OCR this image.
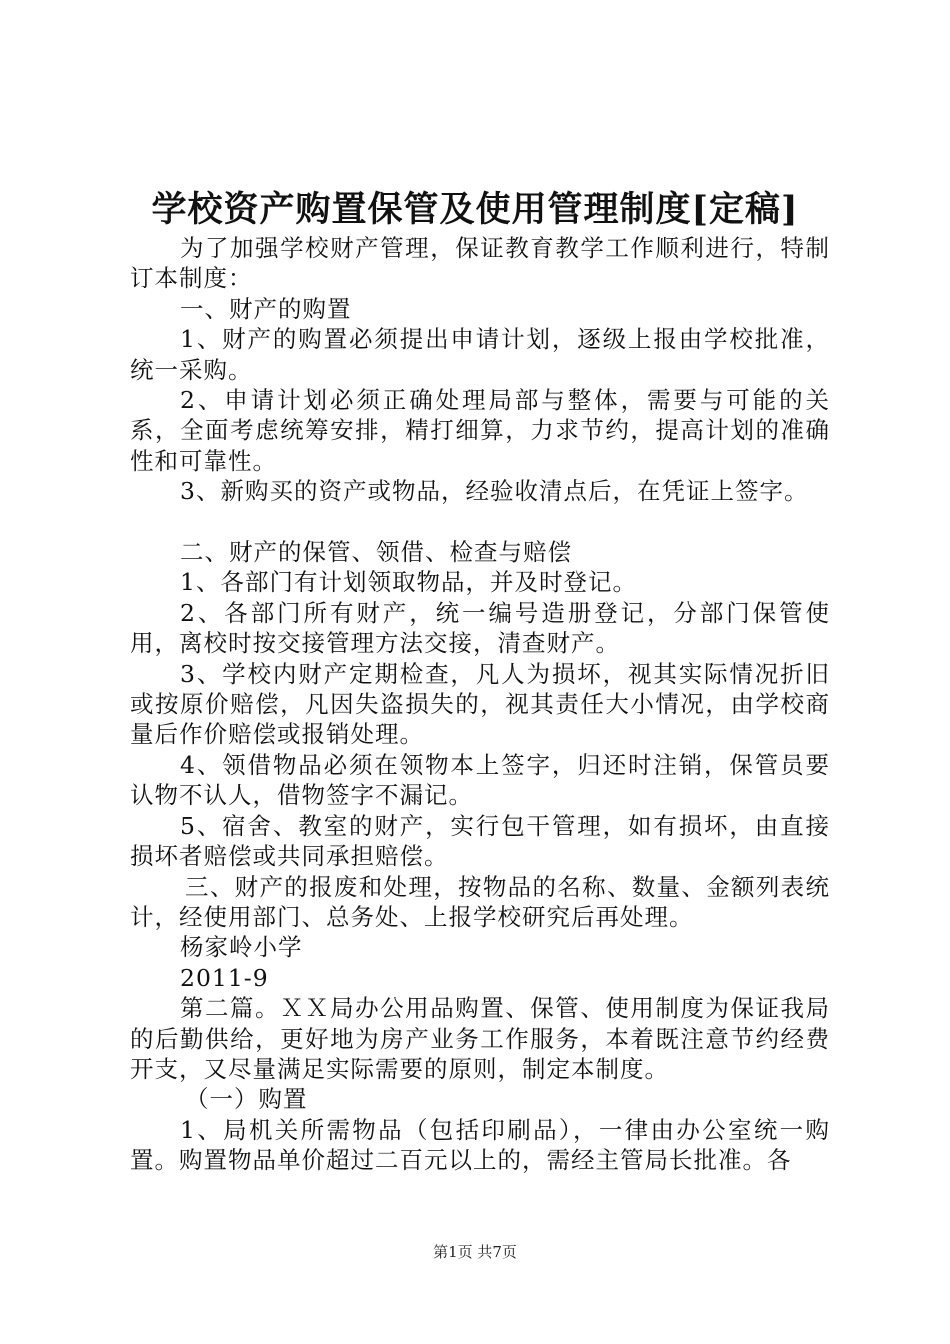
学校资产购置保管及使用管理制度[定稿]

为了加强学校财产管理，保证教育教学工作顺利进行，特制订本制度：

一、财产的购置

1、财产的购置必须提出申请计划，逐级上报由学校批准，统一采购。

2、申请计划必须正确处理局部与整体，需要与可能的关系，全面考虑统筹安排，精打细算，力求节约，提高计划的准确性和可靠性。

3、新购买的资产或物品，经验收清点后，在凭证上签字。

二、财产的保管、领借、检查与赔偿

1、各部门有计划领取物品，并及时登记。

2、各部门所有财产，统一编号造册登记，分部门保管使用，离校时按交接管理方法交接，清查财产。

3、学校内财产定期检查，凡人为损坏，视其实际情况折旧或按原价赔偿，凡因失盗损失的，视其责任大小情况，由学校商量后作价赔偿或报销处理。

4、领借物品必须在领物本上签字，归还时注销，保管员要认物不认人，借物签字不漏记。

5、宿舍、教室的财产，实行包干管理，如有损坏，由直接损坏者赔偿或共同承担赔偿。

三、财产的报废和处理，按物品的名称、数量、金额列表统计，经使用部门、总务处、上报学校研究后再处理。

杨家岭小学

2011-9

第二篇。ＸＸ局办公用品购置、保管、使用制度为保证我局的后勤供给，更好地为房产业务工作服务，本着既注意节约经费开支，又尽量满足实际需要的原则，制定本制度。

（一）购置

1、局机关所需物品（包括印刷品），一律由办公室统一购置。购置物品单价超过二百元以上的，需经主管局长批准。各

第1页 共7页
